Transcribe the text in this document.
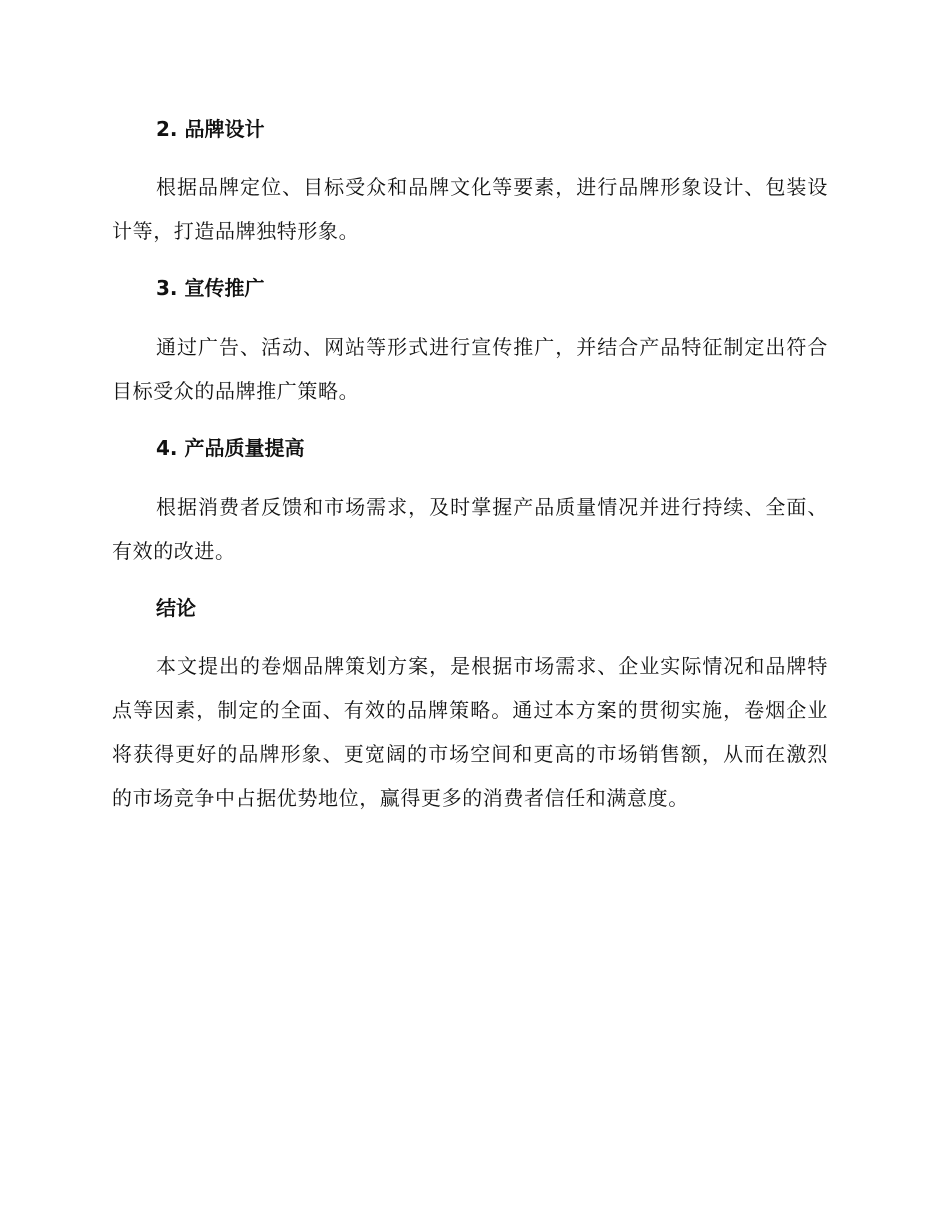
2. 品牌设计

根据品牌定位、目标受众和品牌文化等要素，进行品牌形象设计、包装设计等，打造品牌独特形象。

3. 宣传推广

通过广告、活动、网站等形式进行宣传推广，并结合产品特征制定出符合目标受众的品牌推广策略。

4. 产品质量提高

根据消费者反馈和市场需求，及时掌握产品质量情况并进行持续、全面、有效的改进。

结论

本文提出的卷烟品牌策划方案，是根据市场需求、企业实际情况和品牌特点等因素，制定的全面、有效的品牌策略。通过本方案的贯彻实施，卷烟企业将获得更好的品牌形象、更宽阔的市场空间和更高的市场销售额，从而在激烈的市场竞争中占据优势地位，赢得更多的消费者信任和满意度。
